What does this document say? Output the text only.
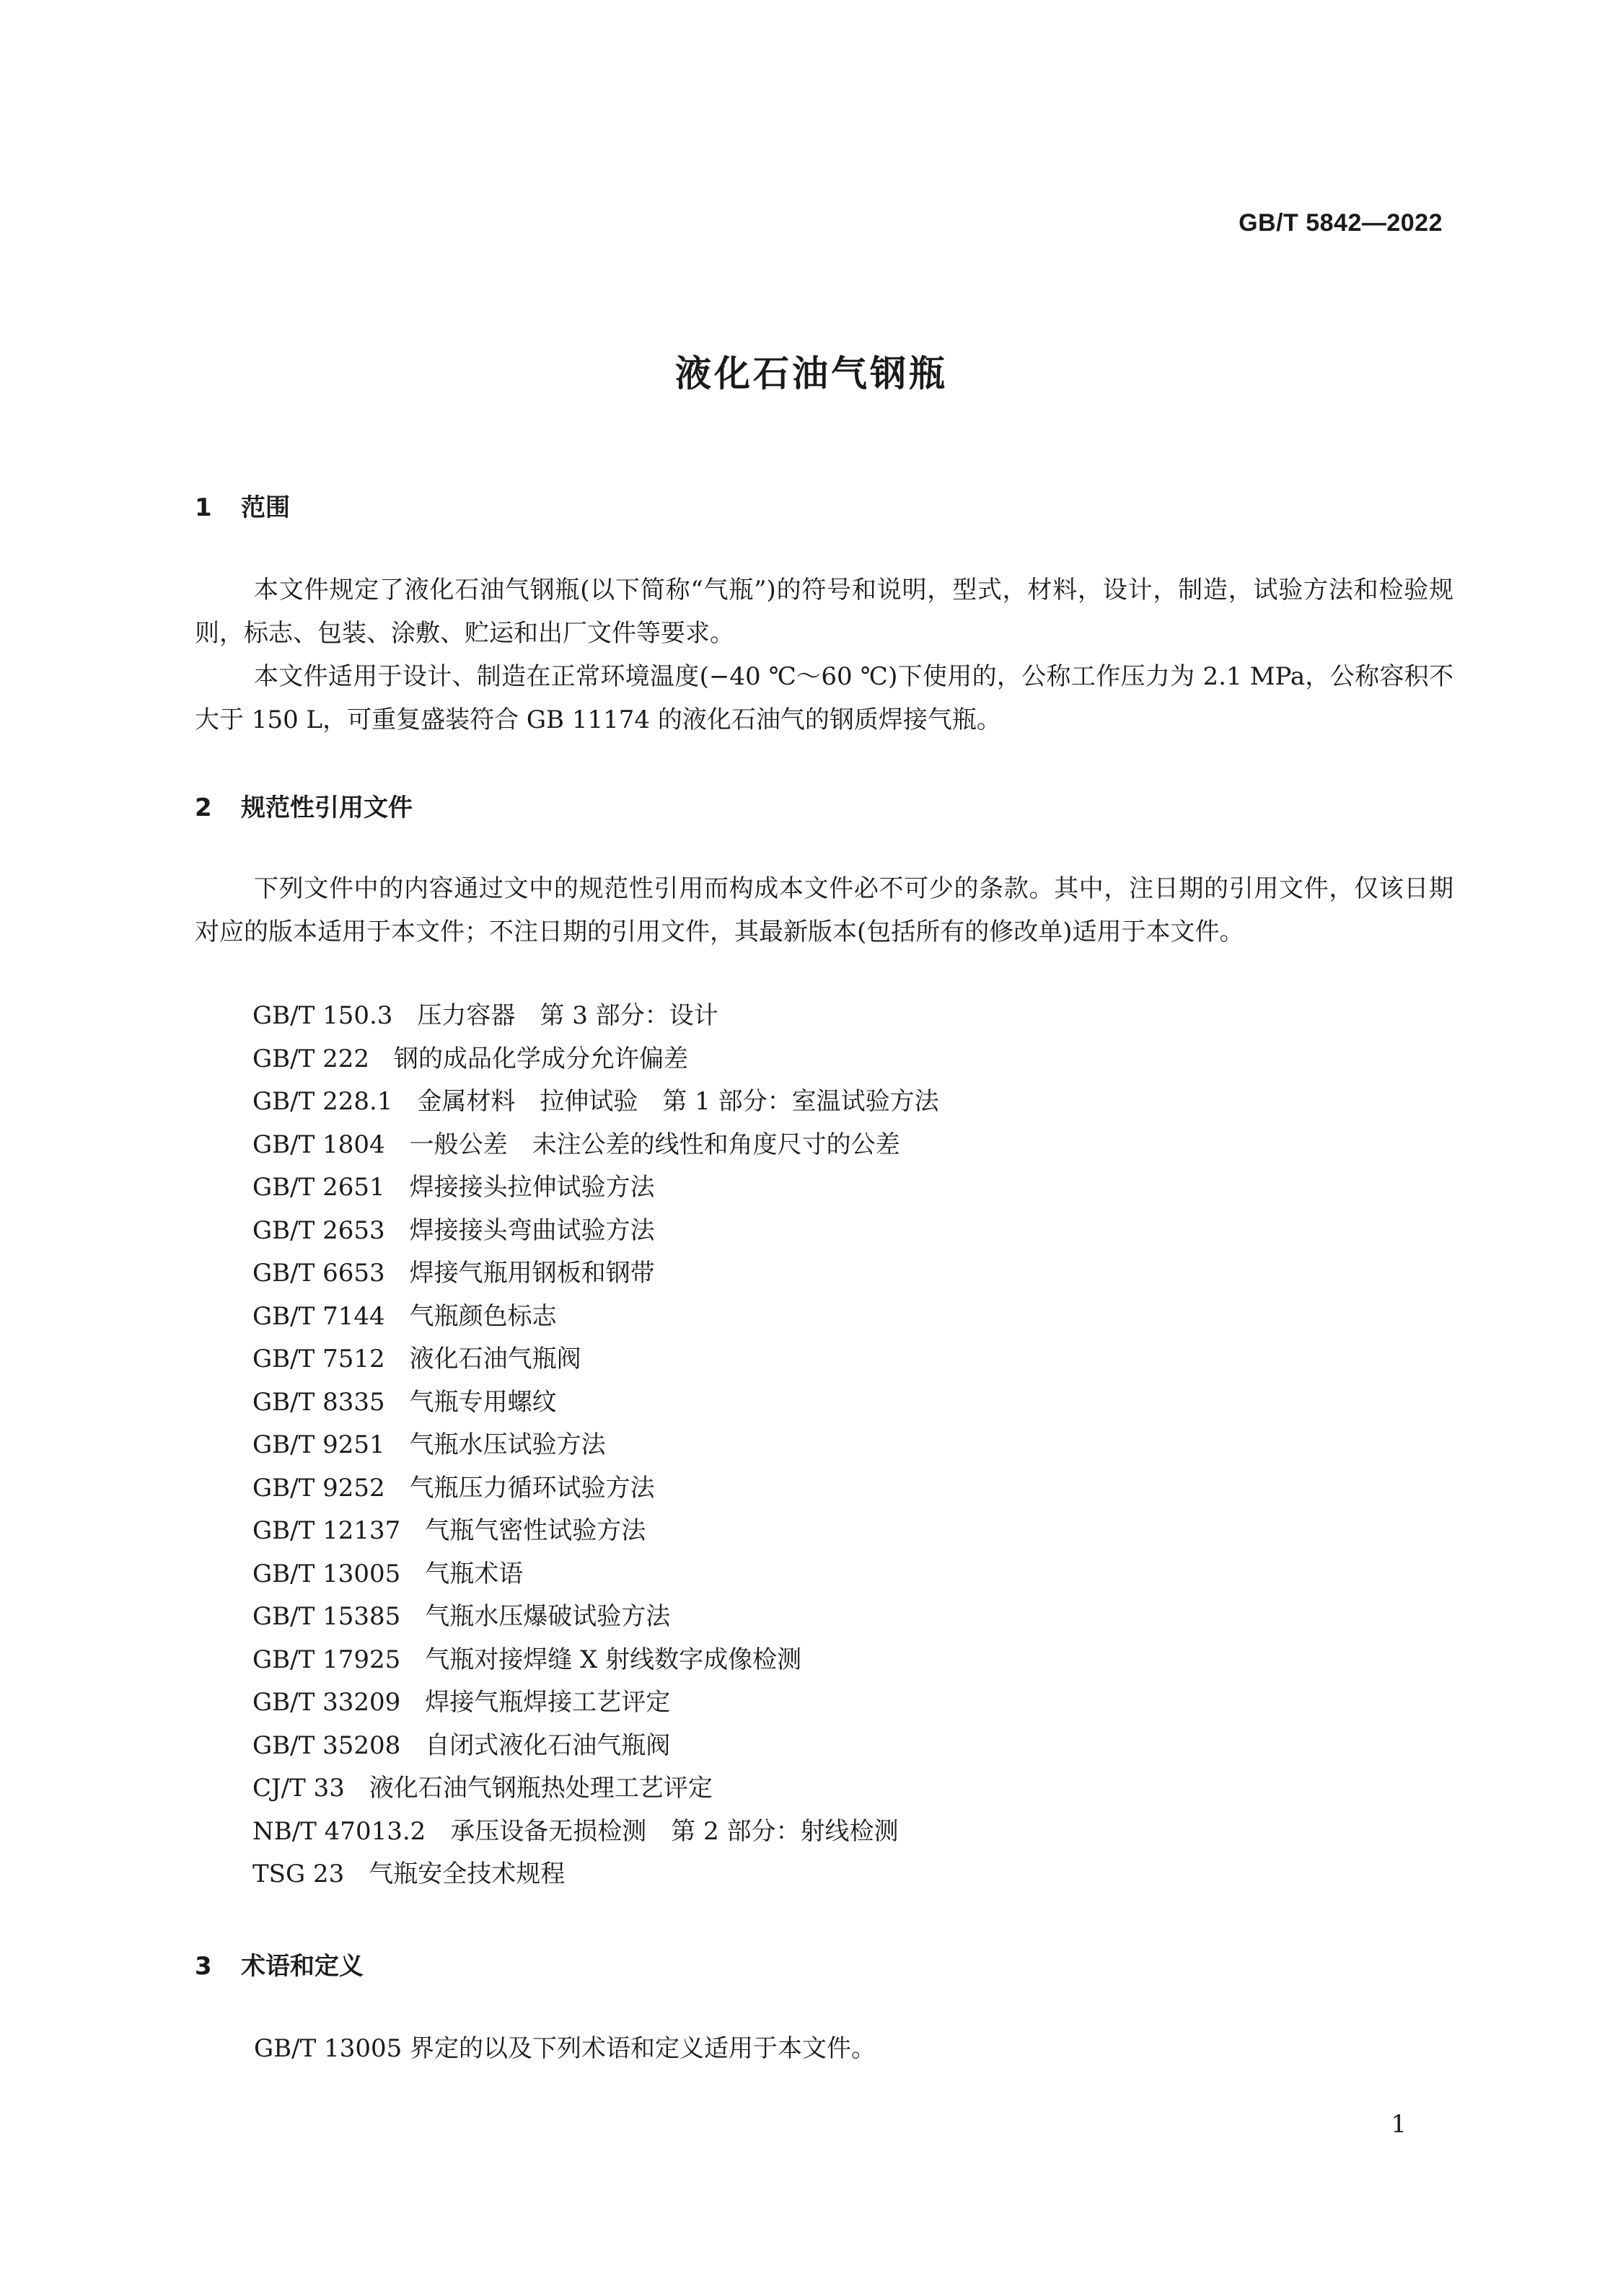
GB/T 5842—2022
液化石油气钢瓶
1 范围
本文件规定了液化石油气钢瓶(以下简称“气瓶”)的符号和说明，型式，材料，设计，制造，试验方法和检验规则，标志、包装、涂敷、贮运和出厂文件等要求。
本文件适用于设计、制造在正常环境温度(−40 ℃～60 ℃)下使用的，公称工作压力为 2.1 MPa，公称容积不大于 150 L，可重复盛装符合 GB 11174 的液化石油气的钢质焊接气瓶。
2 规范性引用文件
下列文件中的内容通过文中的规范性引用而构成本文件必不可少的条款。其中，注日期的引用文件，仅该日期对应的版本适用于本文件；不注日期的引用文件，其最新版本(包括所有的修改单)适用于本文件。
GB/T 150.3 压力容器　第 3 部分：设计
GB/T 222 钢的成品化学成分允许偏差
GB/T 228.1 金属材料　拉伸试验　第 1 部分：室温试验方法
GB/T 1804 一般公差　未注公差的线性和角度尺寸的公差
GB/T 2651 焊接接头拉伸试验方法
GB/T 2653 焊接接头弯曲试验方法
GB/T 6653 焊接气瓶用钢板和钢带
GB/T 7144 气瓶颜色标志
GB/T 7512 液化石油气瓶阀
GB/T 8335 气瓶专用螺纹
GB/T 9251 气瓶水压试验方法
GB/T 9252 气瓶压力循环试验方法
GB/T 12137 气瓶气密性试验方法
GB/T 13005 气瓶术语
GB/T 15385 气瓶水压爆破试验方法
GB/T 17925 气瓶对接焊缝 X 射线数字成像检测
GB/T 33209 焊接气瓶焊接工艺评定
GB/T 35208 自闭式液化石油气瓶阀
CJ/T 33 液化石油气钢瓶热处理工艺评定
NB/T 47013.2 承压设备无损检测　第 2 部分：射线检测
TSG 23 气瓶安全技术规程
3 术语和定义
GB/T 13005 界定的以及下列术语和定义适用于本文件。
1
